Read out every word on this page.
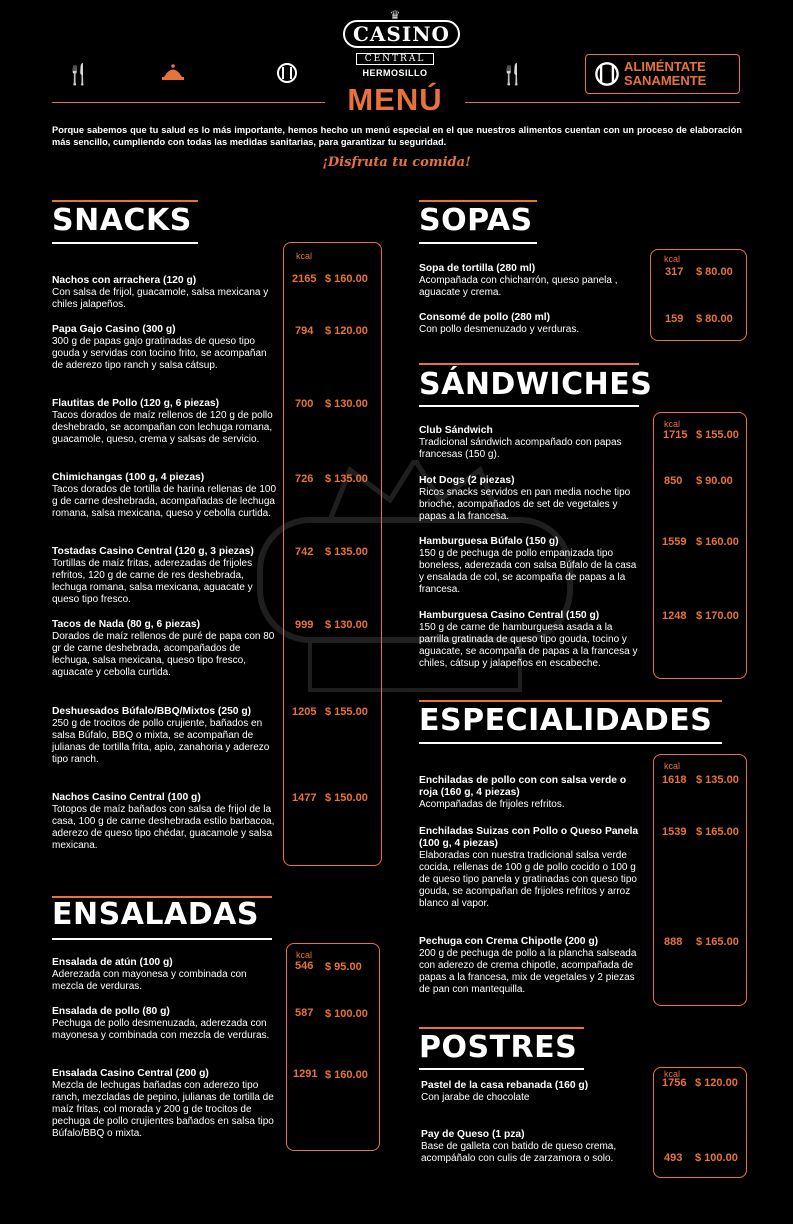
♛
CASINO
CENTRAL
HERMOSILLO
🍴	🍴	ALIMÉNTATE
SANAMENTE
MENÚ
Porque sabemos que tu salud es lo más importante, hemos hecho un menú especial en el que nuestros alimentos cuentan con un proceso de elaboración más sencillo, cumpliendo con todas las medidas sanitarias, para garantizar tu seguridad.
¡Disfruta tu comida!
SNACKS
kcal
Nachos con arrachera (120 g)
Con salsa de frijol, guacamole, salsa mexicana y chiles jalapeños.
2165 $ 160.00
Papa Gajo Casino (300 g)
300 g de papas gajo gratinadas de queso tipo gouda y servidas con tocino frito, se acompañan de aderezo tipo ranch y salsa cátsup.
794 $ 120.00
Flautitas de Pollo (120 g, 6 piezas)
Tacos dorados de maíz rellenos de 120 g de pollo deshebrado, se acompañan con lechuga romana, guacamole, queso, crema y salsas de servicio.
700 $ 130.00
Chimichangas (100 g, 4 piezas)
Tacos dorados de tortilla de harina rellenas de 100 g de carne deshebrada, acompañadas de lechuga romana, salsa mexicana, queso y cebolla curtida.
726 $ 135.00
Tostadas Casino Central (120 g, 3 piezas)
Tortillas de maíz fritas, aderezadas de frijoles refritos, 120 g de carne de res deshebrada, lechuga romana, salsa mexicana, aguacate y queso tipo fresco.
742 $ 135.00
Tacos de Nada (80 g, 6 piezas)
Dorados de maíz rellenos de puré de papa con 80 gr de carne deshebrada, acompañados de lechuga, salsa mexicana, queso tipo fresco, aguacate y cebolla curtida.
999 $ 130.00
Deshuesados Búfalo/BBQ/Mixtos (250 g)
250 g de trocitos de pollo crujiente, bañados en salsa Búfalo, BBQ o mixta, se acompañan de julianas de tortilla frita, apio, zanahoria y aderezo tipo ranch.
1205 $ 155.00
Nachos Casino Central (100 g)
Totopos de maíz bañados con salsa de frijol de la casa, 100 g de carne deshebrada estilo barbacoa, aderezo de queso tipo chédar, guacamole y salsa mexicana.
1477 $ 150.00
ENSALADAS
kcal
Ensalada de atún (100 g)
Aderezada con mayonesa y combinada con mezcla de verduras.
546 $ 95.00
Ensalada de pollo (80 g)
Pechuga de pollo desmenuzada, aderezada con mayonesa y combinada con mezcla de verduras.
587 $ 100.00
Ensalada Casino Central (200 g)
Mezcla de lechugas bañadas con aderezo tipo ranch, mezcladas de pepino, julianas de tortilla de maíz fritas, col morada y 200 g de trocitos de pechuga de pollo crujientes bañados en salsa tipo Búfalo/BBQ o mixta.
1291 $ 160.00
SOPAS
kcal
Sopa de tortilla (280 ml)
Acompañada con chicharrón, queso panela , aguacate y crema.
317 $ 80.00
Consomé de pollo (280 ml)
Con pollo desmenuzado y verduras.
159 $ 80.00
SÁNDWICHES
kcal
Club Sándwich
Tradicional sándwich acompañado con papas francesas (150 g).
1715 $ 155.00
Hot Dogs (2 piezas)
Ricos snacks servidos en pan media noche tipo brioche, acompañados de set de vegetales y papas a la francesa.
850 $ 90.00
Hamburguesa Búfalo (150 g)
150 g de pechuga de pollo empanizada tipo boneless, aderezada con salsa Búfalo de la casa y ensalada de col, se acompaña de papas a la francesa.
1559 $ 160.00
Hamburguesa Casino Central (150 g)
150 g de carne de hamburguesa asada a la parrilla gratinada de queso tipo gouda, tocino y aguacate, se acompaña de papas a la francesa y chiles, cátsup y jalapeños en escabeche.
1248 $ 170.00
ESPECIALIDADES
kcal
Enchiladas de pollo con con salsa verde o roja (160 g, 4 piezas)
Acompañadas de frijoles refritos.
1618 $ 135.00
Enchiladas Suizas con Pollo o Queso Panela (100 g, 4 piezas)
Elaboradas con nuestra tradicional salsa verde cocida, rellenas de 100 g de pollo cocido o 100 g de queso tipo panela y gratinadas con queso tipo gouda, se acompañan de frijoles refritos y arroz blanco al vapor.
1539 $ 165.00
Pechuga con Crema Chipotle (200 g)
200 g de pechuga de pollo a la plancha salseada con aderezo de crema chipotle, acompañada de papas a la francesa, mix de vegetales y 2 piezas de pan con mantequilla.
888 $ 165.00
POSTRES
kcal
Pastel de la casa rebanada (160 g)
Con jarabe de chocolate
1756 $ 120.00
Pay de Queso (1 pza)
Base de galleta con batido de queso crema, acompáñalo con culis de zarzamora o solo.	493 $ 100.00
